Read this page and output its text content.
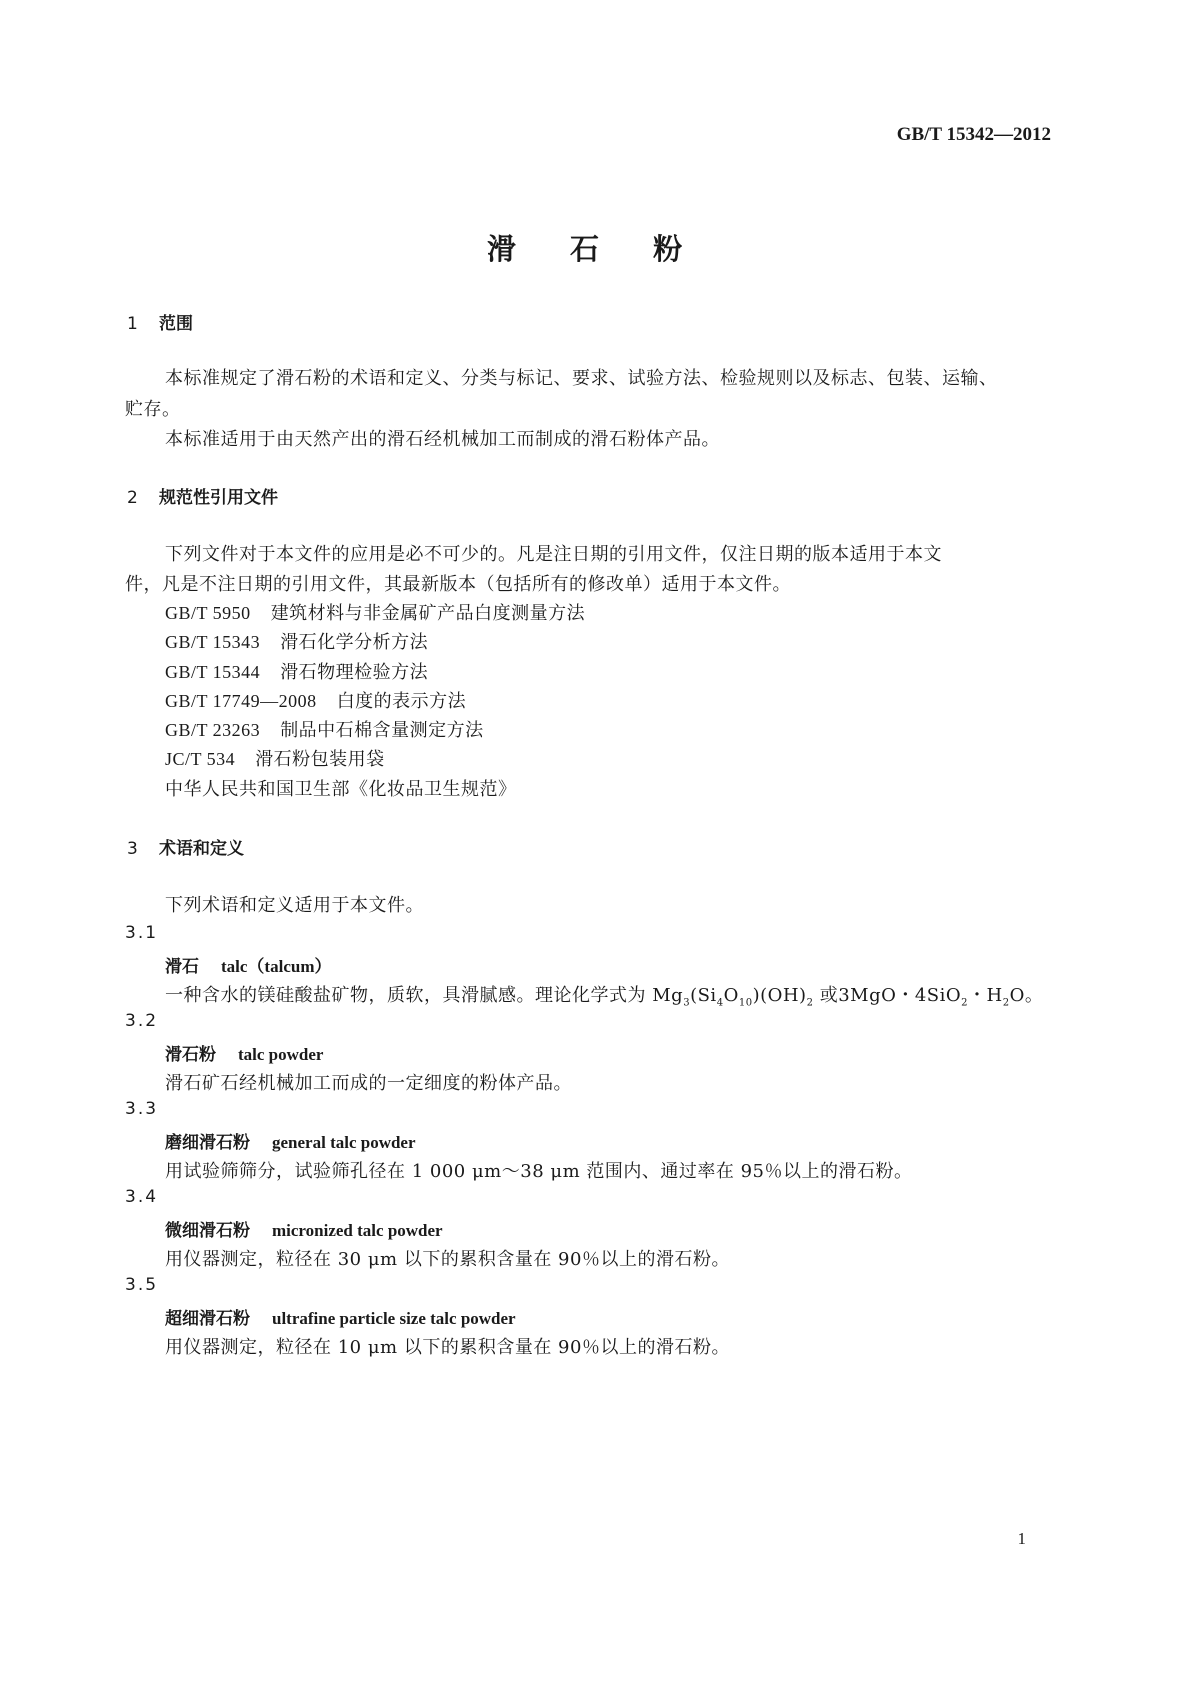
GB/T 15342—2012
滑 石 粉
1 范围
本标准规定了滑石粉的术语和定义、分类与标记、要求、试验方法、检验规则以及标志、包装、运输、
贮存。
本标准适用于由天然产出的滑石经机械加工而制成的滑石粉体产品。
2 规范性引用文件
下列文件对于本文件的应用是必不可少的。凡是注日期的引用文件，仅注日期的版本适用于本文
件，凡是不注日期的引用文件，其最新版本（包括所有的修改单）适用于本文件。
GB/T 5950 建筑材料与非金属矿产品白度测量方法
GB/T 15343 滑石化学分析方法
GB/T 15344 滑石物理检验方法
GB/T 17749—2008 白度的表示方法
GB/T 23263 制品中石棉含量测定方法
JC/T 534 滑石粉包装用袋
中华人民共和国卫生部《化妆品卫生规范》
3 术语和定义
下列术语和定义适用于本文件。
3.1
滑石 talc（talcum）
一种含水的镁硅酸盐矿物，质软，具滑腻感。理论化学式为 $Mg_3(Si_4O_{10})(OH)_2$ 或3MgO・4SiO$_2$・$H_2O$。
3.2
滑石粉 talc powder
滑石矿石经机械加工而成的一定细度的粉体产品。
3.3
磨细滑石粉 general talc powder
用试验筛筛分，试验筛孔径在 1 000 μm～38 μm 范围内、通过率在 95％以上的滑石粉。
3.4
微细滑石粉 micronized talc powder
用仪器测定，粒径在 30 μm 以下的累积含量在 90％以上的滑石粉。
3.5
超细滑石粉 ultrafine particle size talc powder
用仪器测定，粒径在 10 μm 以下的累积含量在 90％以上的滑石粉。
1
